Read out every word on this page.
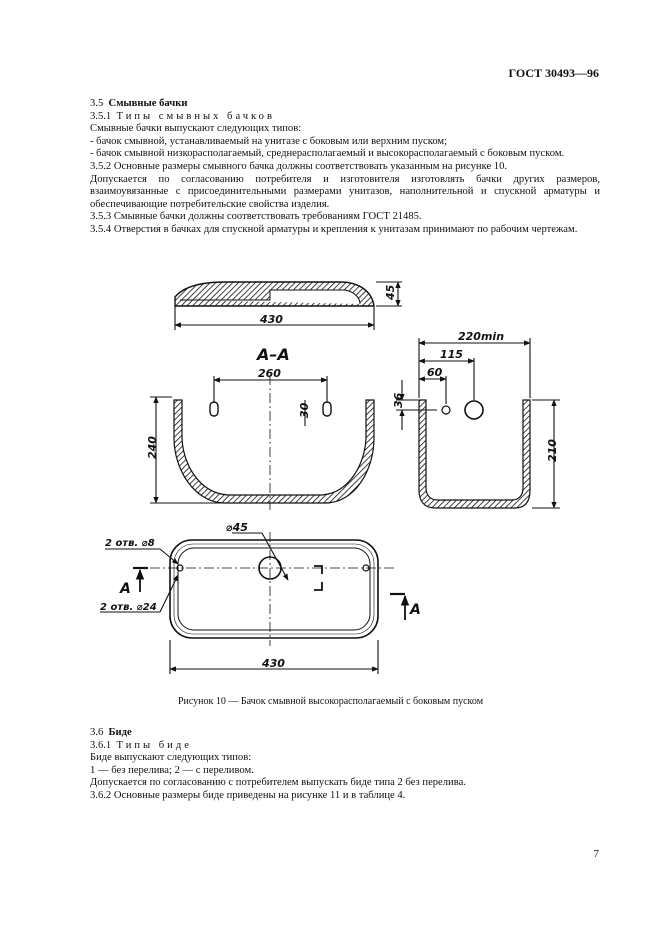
ГОСТ 30493—96

3.5 Смывные бачки

3.5.1 Типы смывных бачков

Смывные бачки выпускают следующих типов:

- бачок смывной, устанавливаемый на унитазе с боковым или верхним пуском;

- бачок смывной низкорасполагаемый, среднерасполагаемый и высокорасполагаемый с боковым пуском.

3.5.2 Основные размеры смывного бачка должны соответствовать указанным на рисунке 10.

Допускается по согласованию потребителя и изготовителя изготовлять бачки других размеров, взаимоувязанные с присоединительными размерами унитазов, наполнительной и спускной арматуры и обеспечивающие потребительские свойства изделия.

3.5.3 Смывные бачки должны соответствовать требованиям ГОСТ 21485.

3.5.4 Отверстия в бачках для спускной арматуры и крепления к унитазам принимают по рабочим чертежам.

45
430
А–А
260
30
240
220min
115
60
36
210
⌀45
2 отв. ⌀8
2 отв. ⌀24
А
А
430
Рисунок 10 — Бачок смывной высокорасполагаемый с боковым пуском

3.6 Биде

3.6.1 Типы биде

Биде выпускают следующих типов:

1 — без перелива; 2 — с переливом.

Допускается по согласованию с потребителем выпускать биде типа 2 без перелива.

3.6.2 Основные размеры биде приведены на рисунке 11 и в таблице 4.

7
